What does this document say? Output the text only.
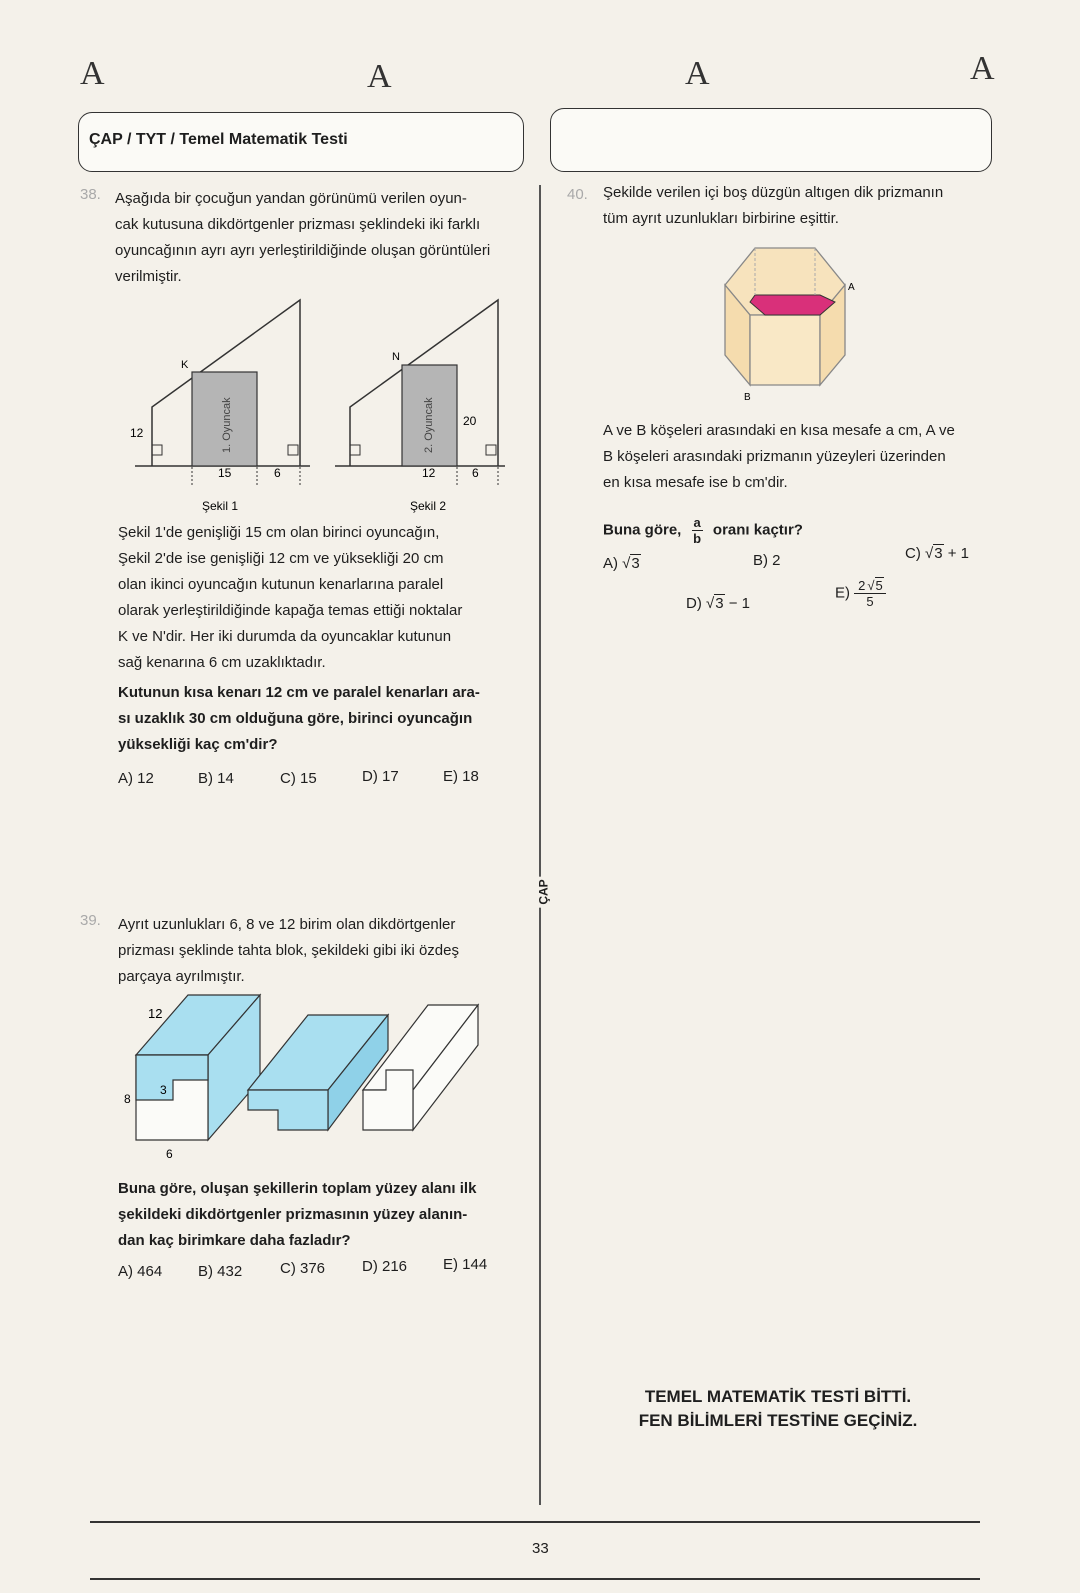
A	A	A	A
ÇAP / TYT / Temel Matematik Testi
ÇAP
38. Aşağıda bir çocuğun yandan görünümü verilen oyun-
cak kutusuna dikdörtgenler prizması şeklindeki iki farklı
oyuncağının ayrı ayrı yerleştirildiğinde oluşan görüntüleri
verilmiştir.
1. Oyuncak
K
12
15	6
Şekil 1
2. Oyuncak
N
20
12	6
Şekil 2
Şekil 1'de genişliği 15 cm olan birinci oyuncağın,
Şekil 2'de ise genişliği 12 cm ve yüksekliği 20 cm
olan ikinci oyuncağın kutunun kenarlarına paralel
olarak yerleştirildiğinde kapağa temas ettiği noktalar
K ve N'dir. Her iki durumda da oyuncaklar kutunun
sağ kenarına 6 cm uzaklıktadır.
Kutunun kısa kenarı 12 cm ve paralel kenarları ara-
sı uzaklık 30 cm olduğuna göre, birinci oyuncağın
yüksekliği kaç cm'dir?
A) 12	B) 14	C) 15	D) 17	E) 18
39. Ayrıt uzunlukları 6, 8 ve 12 birim olan dikdörtgenler
prizması şeklinde tahta blok, şekildeki gibi iki özdeş
parçaya ayrılmıştır.
12
8
3
6
Buna göre, oluşan şekillerin toplam yüzey alanı ilk
şekildeki dikdörtgenler prizmasının yüzey alanın-
dan kaç birimkare daha fazladır?
A) 464 B) 432	C) 376 D) 216 E) 144
40. Şekilde verilen içi boş düzgün altıgen dik prizmanın
tüm ayrıt uzunlukları birbirine eşittir.
A
B
A ve B köşeleri arasındaki en kısa mesafe a cm, A ve
B köşeleri arasındaki prizmanın yüzeyleri üzerinden
en kısa mesafe ise b cm'dir.
Buna göre, $\frac{a}{b}$ oranı kaçtır?
A) √3	B) 2	C) √3 + 1
D) √3 − 1
$E) \frac{2 √5}{5}$
TEMEL MATEMATİK TESTİ BİTTİ.
FEN BİLİMLERİ TESTİNE GEÇİNİZ.
33
